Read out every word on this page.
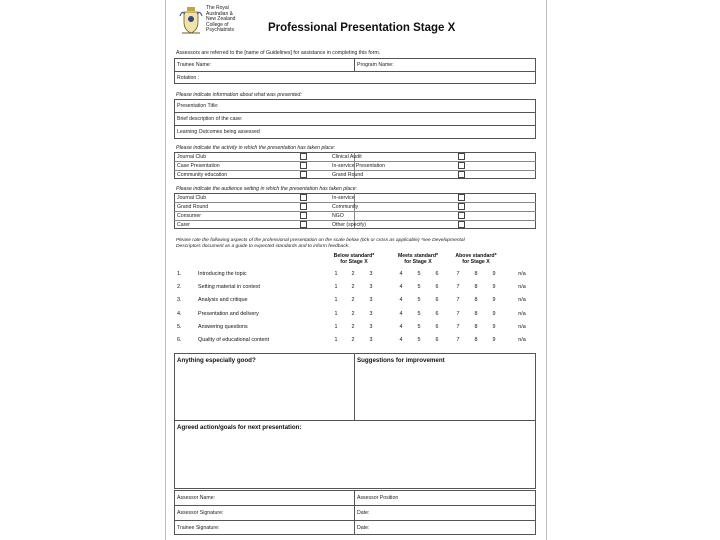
The Royal
Australian &
New Zealand
College of
Psychiatrists	Professional Presentation Stage X
Assessors are referred to the [name of Guidelines] for assistance in completing this form.
Trainee Name:	Program Name:
Rotation :
Please indicate information about what was presented:
Presentation Title:
Brief description of the case:
Learning Outcomes being assessed
Please indicate the activity in which the presentation has taken place:
Journal Club	Clinical Audit
Case Presentation	In-service Presentation
Community education	Grand Round
Please indicate the audience setting in which the presentation has taken place:
Journal Club	In-service
Grand Round	Community
Consumer	NGO
Carer	Other (specify)
Please rate the following aspects of the professional presentation on the scale below (tick or cross as applicable) *see Developmental
Descriptors document as a guide to expected standards and to inform feedback.
Below standard*
for Stage X
Meets standard*
for Stage X
Above standard*
for Stage X
1.	Introducing the topic	1	2	3	4	5	6	7	8	9	n/a
2.	Setting material in context	1	2	3	4	5	6	7	8	9	n/a
3.	Analysis and critique	1	2	3	4	5	6	7	8	9	n/a
4.	Presentation and delivery	1	2	3	4	5	6	7	8	9	n/a
5.	Answering questions	1	2	3	4	5	6	7	8	9	n/a
6.	Quality of educational content	1	2	3	4	5	6	7	8	9	n/a
Anything especially good?	Suggestions for improvement
Agreed action/goals for next presentation:
Assessor Name:	Assessor Position
Assessor Signature:	Date:
Trainee Signature:	Date:
